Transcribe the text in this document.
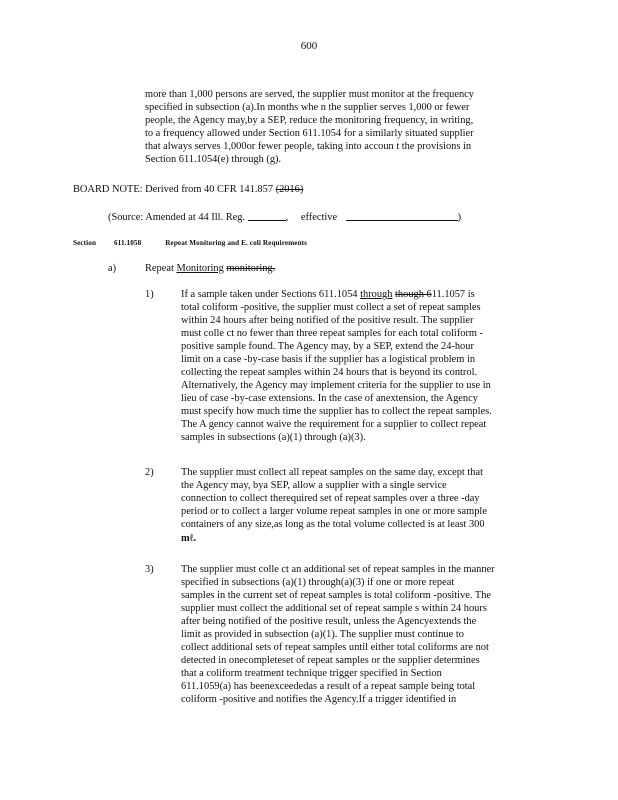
600
more than 1,000 persons are served, the supplier must monitor at the frequency
specified in subsection (a).In months whe n the supplier serves 1,000 or fewer
people, the Agency may,by a SEP, reduce the monitoring frequency, in writing,
to a frequency allowed under Section 611.1054 for a similarly situated supplier
that always serves 1,000or fewer people, taking into accoun t the provisions in
Section 611.1054(e) through (g).
BOARD NOTE: Derived from 40 CFR 141.857 (2016)
(Source: Amended at 44 Ill. Reg.	, effective	)
Section 611.1058	Repeat Monitoring and E. coli Requirements
a)	Repeat Monitoring monitoring.
1)	If a sample taken under Sections 611.1054 through though 611.1057 is
total coliform -positive, the supplier must collect a set of repeat samples
within 24 hours after being notified of the positive result. The supplier
must colle ct no fewer than three repeat samples for each total coliform -
positive sample found. The Agency may, by a SEP, extend the 24-hour
limit on a case -by-case basis if the supplier has a logistical problem in
collecting the repeat samples within 24 hours that is beyond its control.
Alternatively, the Agency may implement criteria for the supplier to use in
lieu of case -by-case extensions. In the case of anextension, the Agency
must specify how much time the supplier has to collect the repeat samples.
The A gency cannot waive the requirement for a supplier to collect repeat
samples in subsections (a)(1) through (a)(3).
2)	The supplier must collect all repeat samples on the same day, except that
the Agency may, bya SEP, allow a supplier with a single service
connection to collect therequired set of repeat samples over a three -day
period or to collect a larger volume repeat samples in one or more sample
containers of any size,as long as the total volume collected is at least 300
mℓ.
3)	The supplier must colle ct an additional set of repeat samples in the manner
specified in subsections (a)(1) through(a)(3) if one or more repeat
samples in the current set of repeat samples is total coliform -positive. The
supplier must collect the additional set of repeat sample s within 24 hours
after being notified of the positive result, unless the Agencyextends the
limit as provided in subsection (a)(1). The supplier must continue to
collect additional sets of repeat samples until either total coliforms are not
detected in onecompleteset of repeat samples or the supplier determines
that a coliform treatment technique trigger specified in Section
611.1059(a) has beenexceededas a result of a repeat sample being total
coliform -positive and notifies the Agency.If a trigger identified in
